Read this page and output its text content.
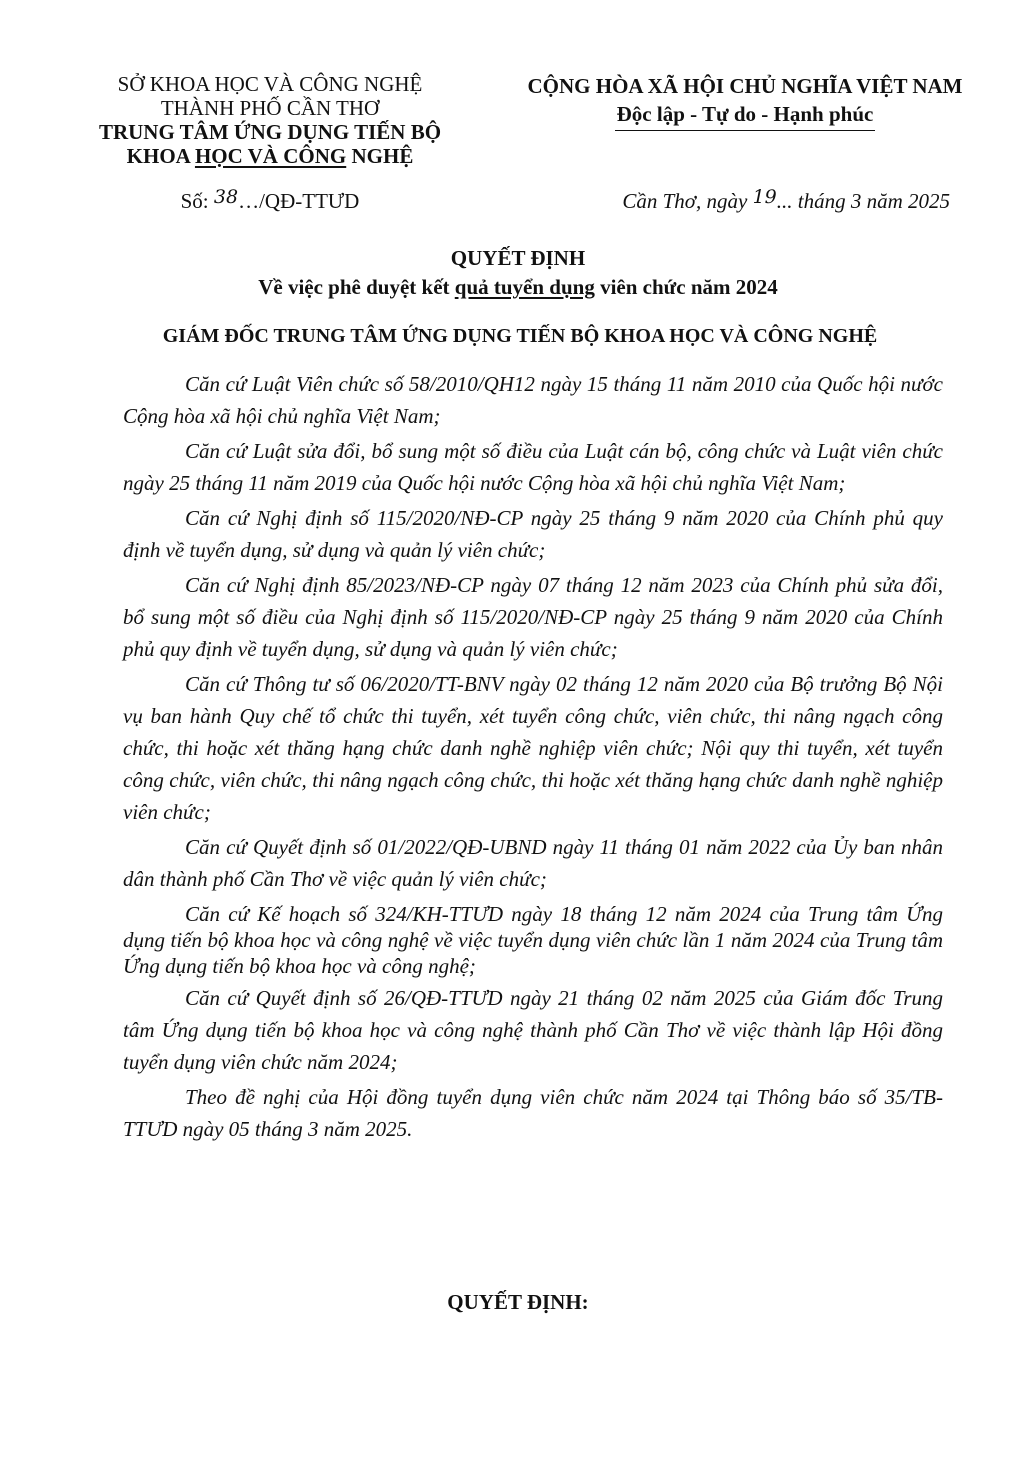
SỞ KHOA HỌC VÀ CÔNG NGHỆ
THÀNH PHỐ CẦN THƠ
TRUNG TÂM ỨNG DỤNG TIẾN BỘ
KHOA HỌC VÀ CÔNG NGHỆ
CỘNG HÒA XÃ HỘI CHỦ NGHĨA VIỆT NAM
Độc lập - Tự do - Hạnh phúc
Số: 38…/QĐ-TTƯD	Cần Thơ, ngày 19... tháng 3 năm 2025
QUYẾT ĐỊNH
Về việc phê duyệt kết quả tuyển dụng viên chức năm 2024
GIÁM ĐỐC TRUNG TÂM ỨNG DỤNG TIẾN BỘ KHOA HỌC VÀ CÔNG NGHỆ

Căn cứ Luật Viên chức số 58/2010/QH12 ngày 15 tháng 11 năm 2010 của Quốc hội nước Cộng hòa xã hội chủ nghĩa Việt Nam;

Căn cứ Luật sửa đổi, bổ sung một số điều của Luật cán bộ, công chức và Luật viên chức ngày 25 tháng 11 năm 2019 của Quốc hội nước Cộng hòa xã hội chủ nghĩa Việt Nam;

Căn cứ Nghị định số 115/2020/NĐ-CP ngày 25 tháng 9 năm 2020 của Chính phủ quy định về tuyển dụng, sử dụng và quản lý viên chức;

Căn cứ Nghị định 85/2023/NĐ-CP ngày 07 tháng 12 năm 2023 của Chính phủ sửa đổi, bổ sung một số điều của Nghị định số 115/2020/NĐ-CP ngày 25 tháng 9 năm 2020 của Chính phủ quy định về tuyển dụng, sử dụng và quản lý viên chức;

Căn cứ Thông tư số 06/2020/TT-BNV ngày 02 tháng 12 năm 2020 của Bộ trưởng Bộ Nội vụ ban hành Quy chế tổ chức thi tuyển, xét tuyển công chức, viên chức, thi nâng ngạch công chức, thi hoặc xét thăng hạng chức danh nghề nghiệp viên chức; Nội quy thi tuyển, xét tuyển công chức, viên chức, thi nâng ngạch công chức, thi hoặc xét thăng hạng chức danh nghề nghiệp viên chức;

Căn cứ Quyết định số 01/2022/QĐ-UBND ngày 11 tháng 01 năm 2022 của Ủy ban nhân dân thành phố Cần Thơ về việc quản lý viên chức;

Căn cứ Kế hoạch số 324/KH-TTƯD ngày 18 tháng 12 năm 2024 của Trung tâm Ứng dụng tiến bộ khoa học và công nghệ về việc tuyển dụng viên chức lần 1 năm 2024 của Trung tâm Ứng dụng tiến bộ khoa học và công nghệ;

Căn cứ Quyết định số 26/QĐ-TTƯD ngày 21 tháng 02 năm 2025 của Giám đốc Trung tâm Ứng dụng tiến bộ khoa học và công nghệ thành phố Cần Thơ về việc thành lập Hội đồng tuyển dụng viên chức năm 2024;

Theo đề nghị của Hội đồng tuyển dụng viên chức năm 2024 tại Thông báo số 35/TB-TTƯD ngày 05 tháng 3 năm 2025.

QUYẾT ĐỊNH:
